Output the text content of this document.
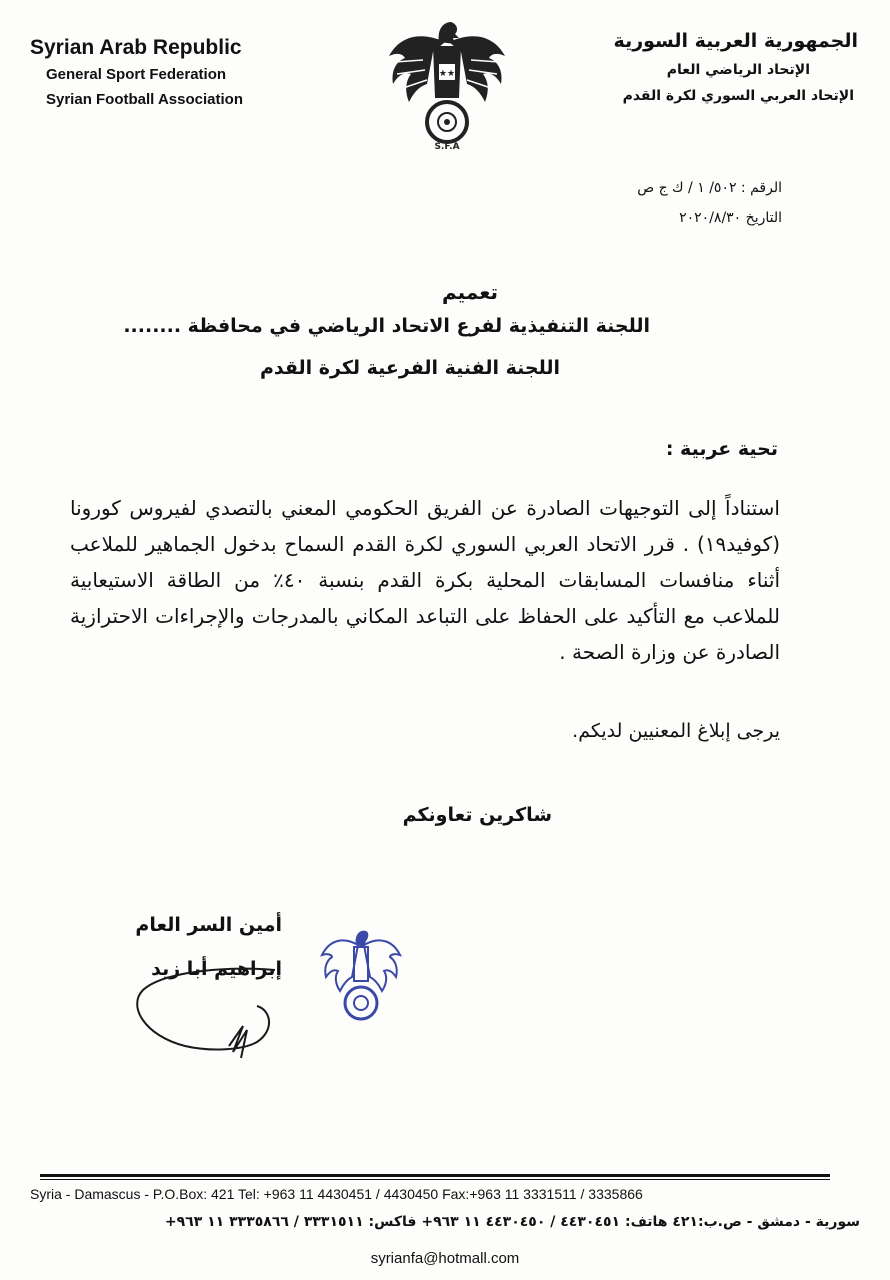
Syrian Arab Republic
General Sport Federation
Syrian Football Association
الجمهورية العربية السورية
الإتحاد الرياضي العام
الإتحاد العربي السوري لكرة القدم
★★
S.F.A
الرقم : ٥٠٢/ ١ / ك ج ص
التاريخ ٢٠٢٠/٨/٣٠
تعميم
اللجنة التنفيذية لفرع الاتحاد الرياضي في محافظة ........
اللجنة الفنية الفرعية لكرة القدم
تحية عربية :
استناداً إلى التوجيهات الصادرة عن الفريق الحكومي المعني بالتصدي لفيروس كورونا (كوفيد١٩) . قرر الاتحاد العربي السوري لكرة القدم السماح بدخول الجماهير للملاعب أثناء منافسات المسابقات المحلية بكرة القدم بنسبة ٤٠٪ من الطاقة الاستيعابية للملاعب مع التأكيد على الحفاظ على التباعد المكاني بالمدرجات والإجراءات الاحترازية الصادرة عن وزارة الصحة .
يرجى إبلاغ المعنيين لديكم.
شاكرين تعاونكم
أمين السر العام
إبراهيم أبا زيد
Syria - Damascus - P.O.Box: 421 Tel: +963 11 4430451 / 4430450 Fax:+963 11 3331511 / 3335866
سورية - دمشق - ص.ب:٤٢١ هاتف: ٤٤٣٠٤٥١ / ٤٤٣٠٤٥٠ ١١ ٩٦٣+ فاكس: ٣٣٣١٥١١ / ٣٣٣٥٨٦٦ ١١ ٩٦٣+
syrianfa@hotmall.com
